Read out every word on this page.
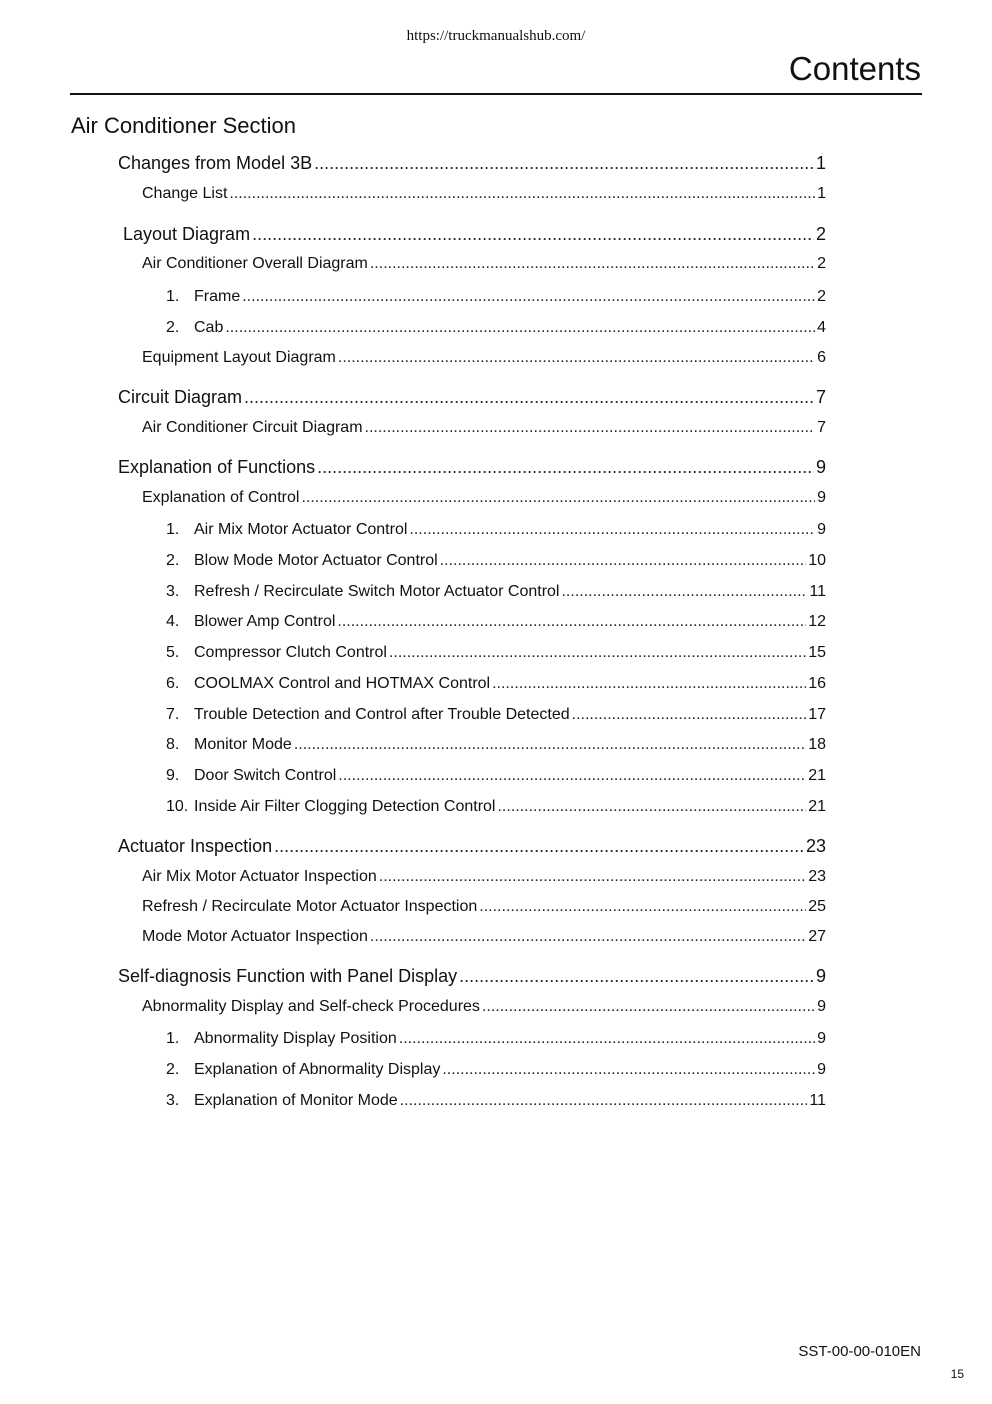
https://truckmanualshub.com/
Contents
Air Conditioner Section
Changes from Model 3B .....	1
Change List .....	1
Layout Diagram .....	2
Air Conditioner Overall Diagram .....	2
1. Frame .....	2
2. Cab .....	4
Equipment Layout Diagram .....	6
Circuit Diagram .....	7
Air Conditioner Circuit Diagram .....	7
Explanation of Functions .....	9
Explanation of Control .....	9
1. Air Mix Motor Actuator Control .....	9
2. Blow Mode Motor Actuator Control .....	10
3. Refresh / Recirculate Switch Motor Actuator Control .....	11
4. Blower Amp Control .....	12
5. Compressor Clutch Control .....	15
6. COOLMAX Control and HOTMAX Control .....	16
7. Trouble Detection and Control after Trouble Detected .....	17
8. Monitor Mode .....	18
9. Door Switch Control .....	21
10. Inside Air Filter Clogging Detection Control .....	21
Actuator Inspection .....	23
Air Mix Motor Actuator Inspection .....	23
Refresh / Recirculate Motor Actuator Inspection .....	25
Mode Motor Actuator Inspection .....	27
Self-diagnosis Function with Panel Display .....	9
Abnormality Display and Self-check Procedures .....	9
1. Abnormality Display Position .....	9
2. Explanation of Abnormality Display .....	9
3. Explanation of Monitor Mode .....	11
SST-00-00-010EN
15
